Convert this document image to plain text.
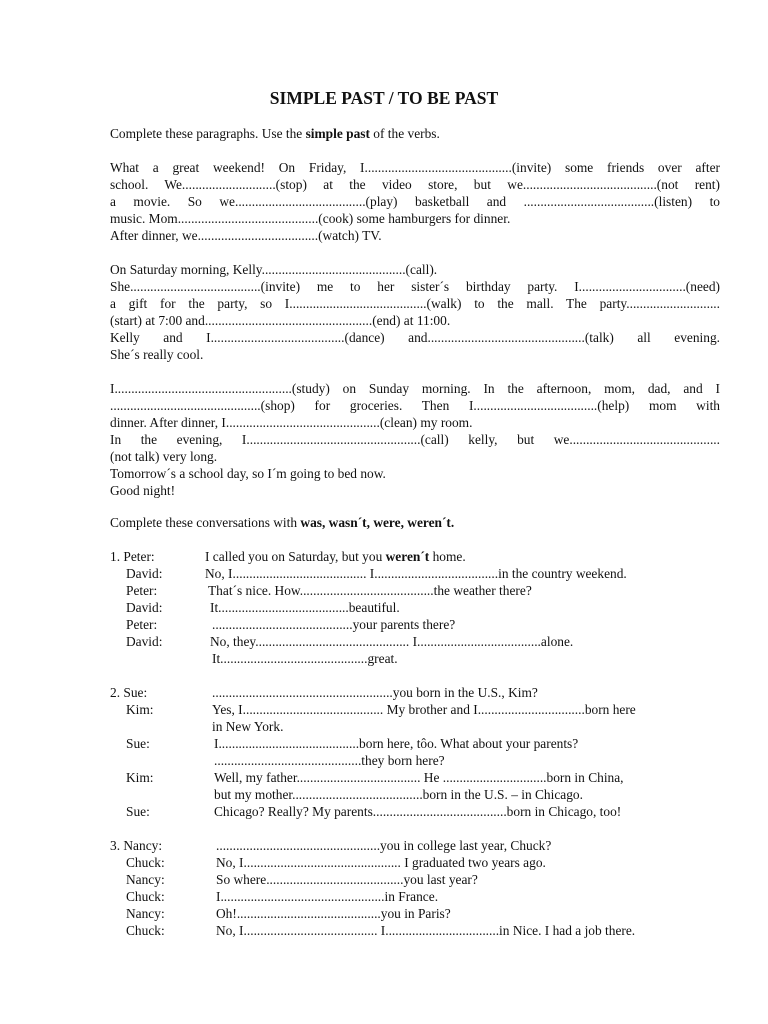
SIMPLE PAST / TO BE PAST
Complete these paragraphs. Use the simple past of the verbs.
What a great weekend! On Friday, I............................................(invite) some friends over after
school. We............................(stop) at the video store, but we........................................(not rent)
a movie. So we.......................................(play) basketball and .......................................(listen) to
music. Mom..........................................(cook) some hamburgers for dinner.
After dinner, we....................................(watch) TV.
On Saturday morning, Kelly...........................................(call).
She.......................................(invite) me to her sister´s birthday party. I................................(need)
a gift for the party, so I.........................................(walk) to the mall. The party............................
(start) at 7:00 and..................................................(end) at 11:00.
Kelly and I........................................(dance) and...............................................(talk) all evening.
She´s really cool.
I.....................................................(study) on Sunday morning. In the afternoon, mom, dad, and I
.............................................(shop) for groceries. Then I.....................................(help) mom with
dinner. After dinner, I..............................................(clean) my room.
In the evening, I....................................................(call) kelly, but we.............................................
(not talk) very long.
Tomorrow´s a school day, so I´m going to bed now.
Good night!
Complete these conversations with was, wasn´t, were, weren´t.
1. Peter:	I called you on Saturday, but you weren´t home.
David:	No, I........................................ I.....................................in the country weekend.
Peter:	That´s nice. How........................................the weather there?
David:	It.......................................beautiful.
Peter:	..........................................your parents there?
David:	No, they.............................................. I.....................................alone.
It............................................great.
2. Sue:	......................................................you born in the U.S., Kim?
Kim:	Yes, I.......................................... My brother and I................................born here
in New York.
Sue:	I..........................................born here, tôo. What about your parents?
............................................they born here?
Kim:	Well, my father..................................... He ...............................born in China,
but my mother.......................................born in the U.S. – in Chicago.
Sue:	Chicago? Really? My parents........................................born in Chicago, too!
3. Nancy:	.................................................you in college last year, Chuck?
Chuck:	No, I............................................... I graduated two years ago.
Nancy:	So where.........................................you last year?
Chuck:	I.................................................in France.
Nancy:	Oh!...........................................you in Paris?
Chuck:	No, I........................................ I..................................in Nice. I had a job there.
